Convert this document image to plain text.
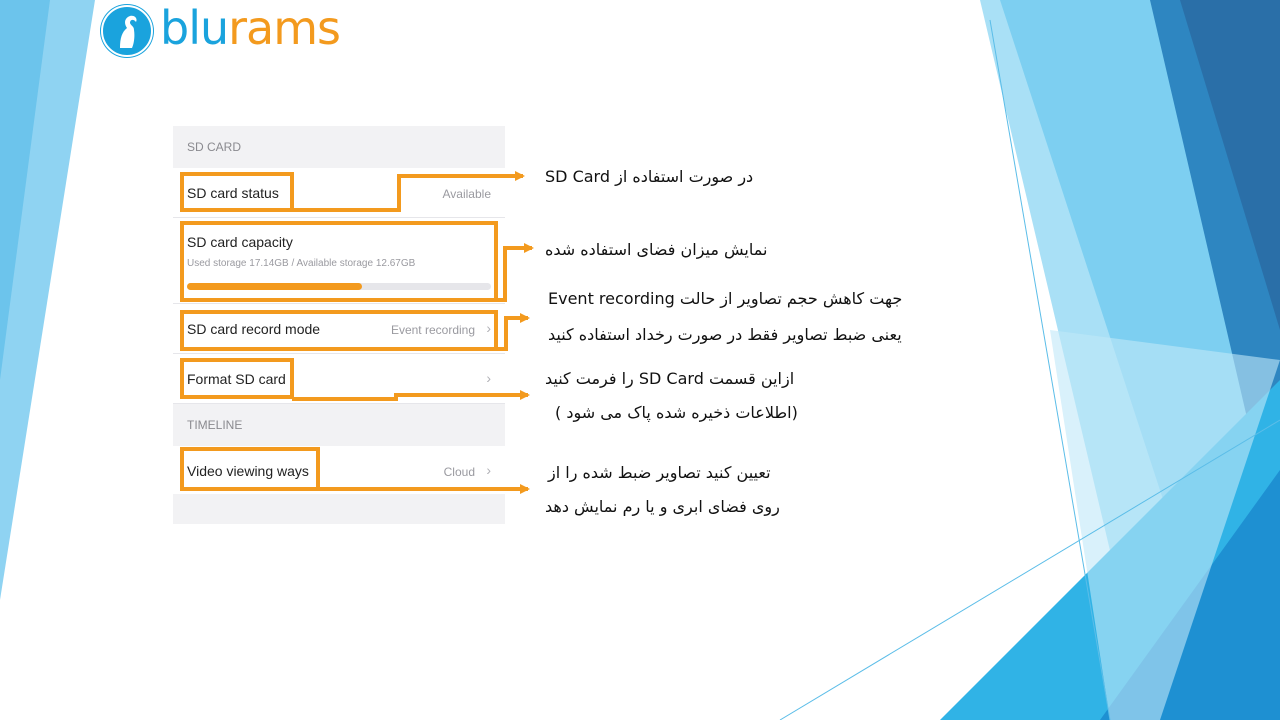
blurams
SD CARD
SD card status	Available
SD card capacity
Used storage 17.14GB / Available storage 12.67GB
SD card record mode	Event recording ›
Format SD card	›
TIMELINE
Video viewing ways	Cloud ›
در صورت استفاده از SD Card
نمایش میزان فضای استفاده شده
جهت کاهش حجم تصاویر از حالت Event recording
یعنی ضبط تصاویر فقط در صورت رخداد استفاده کنید
ازاین قسمت SD Card را فرمت کنید
(اطلاعات ذخیره شده پاک می شود )
تعیین کنید تصاویر ضبط شده را از
روی فضای ابری و یا رم نمایش دهد
